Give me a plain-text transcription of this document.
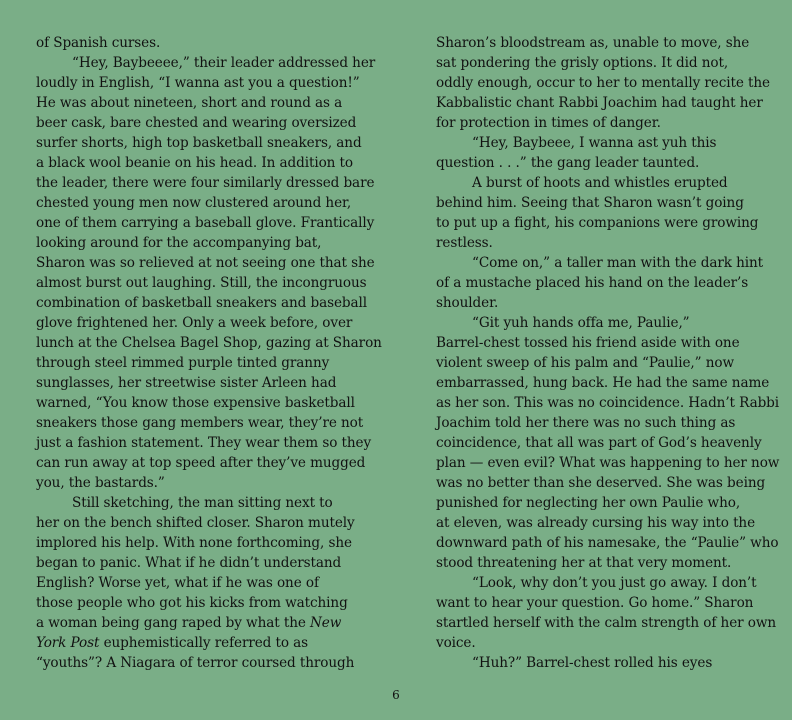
of Spanish curses.
“Hey, Baybeeee,” their leader addressed her
loudly in English, “I wanna ast you a question!”
He was about nineteen, short and round as a
beer cask, bare chested and wearing oversized
surfer shorts, high top basketball sneakers, and
a black wool beanie on his head. In addition to
the leader, there were four similarly dressed bare
chested young men now clustered around her,
one of them carrying a baseball glove. Frantically
looking around for the accompanying bat,
Sharon was so relieved at not seeing one that she
almost burst out laughing. Still, the incongruous
combination of basketball sneakers and baseball
glove frightened her. Only a week before, over
lunch at the Chelsea Bagel Shop, gazing at Sharon
through steel rimmed purple tinted granny
sunglasses, her streetwise sister Arleen had
warned, “You know those expensive basketball
sneakers those gang members wear, they’re not
just a fashion statement. They wear them so they
can run away at top speed after they’ve mugged
you, the bastards.”
Still sketching, the man sitting next to
her on the bench shifted closer. Sharon mutely
implored his help. With none forthcoming, she
began to panic. What if he didn’t understand
English? Worse yet, what if he was one of
those people who got his kicks from watching
a woman being gang raped by what the New
York Post euphemistically referred to as
“youths”? A Niagara of terror coursed through
Sharon’s bloodstream as, unable to move, she
sat pondering the grisly options. It did not,
oddly enough, occur to her to mentally recite the
Kabbalistic chant Rabbi Joachim had taught her
for protection in times of danger.
“Hey, Baybeee, I wanna ast yuh this
question . . .” the gang leader taunted.
A burst of hoots and whistles erupted
behind him. Seeing that Sharon wasn’t going
to put up a fight, his companions were growing
restless.
“Come on,” a taller man with the dark hint
of a mustache placed his hand on the leader’s
shoulder.
“Git yuh hands offa me, Paulie,”
Barrel-chest tossed his friend aside with one
violent sweep of his palm and “Paulie,” now
embarrassed, hung back. He had the same name
as her son. This was no coincidence. Hadn’t Rabbi
Joachim told her there was no such thing as
coincidence, that all was part of God’s heavenly
plan — even evil? What was happening to her now
was no better than she deserved. She was being
punished for neglecting her own Paulie who,
at eleven, was already cursing his way into the
downward path of his namesake, the “Paulie” who
stood threatening her at that very moment.
“Look, why don’t you just go away. I don’t
want to hear your question. Go home.” Sharon
startled herself with the calm strength of her own
voice.
“Huh?” Barrel-chest rolled his eyes
6
